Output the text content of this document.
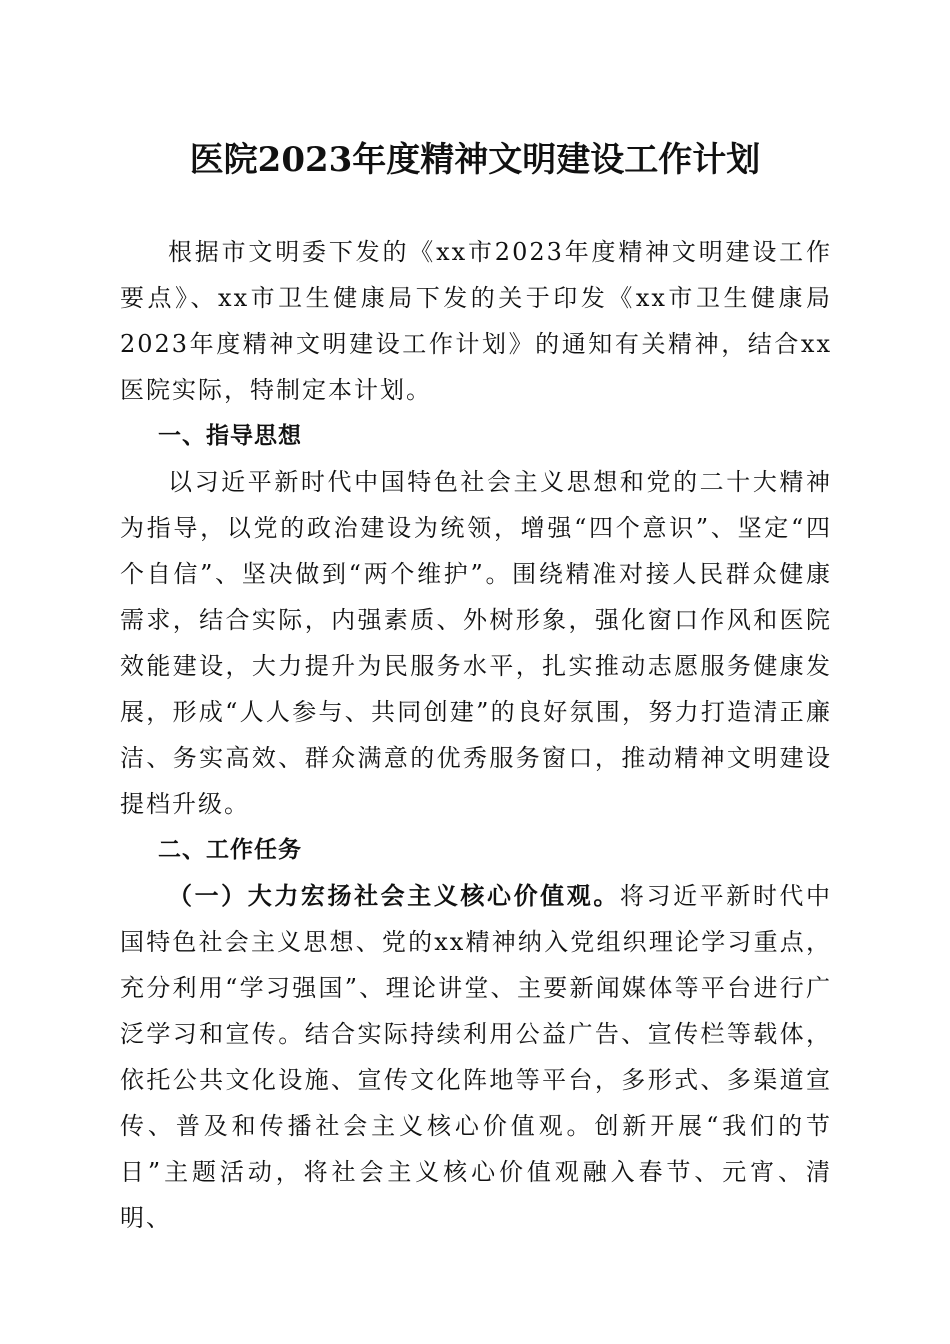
医院2023年度精神文明建设工作计划

根据市文明委下发的《xx市2023年度精神文明建设工作要点》、xx市卫生健康局下发的关于印发《xx市卫生健康局2023年度精神文明建设工作计划》的通知有关精神，结合xx医院实际，特制定本计划。

一、指导思想

以习近平新时代中国特色社会主义思想和党的二十大精神为指导，以党的政治建设为统领，增强“四个意识”、坚定“四个自信”、坚决做到“两个维护”。围绕精准对接人民群众健康需求，结合实际，内强素质、外树形象，强化窗口作风和医院效能建设，大力提升为民服务水平，扎实推动志愿服务健康发展，形成“人人参与、共同创建”的良好氛围，努力打造清正廉洁、务实高效、群众满意的优秀服务窗口，推动精神文明建设提档升级。

二、工作任务

（一）大力宏扬社会主义核心价值观。将习近平新时代中国特色社会主义思想、党的xx精神纳入党组织理论学习重点，充分利用“学习强国”、理论讲堂、主要新闻媒体等平台进行广泛学习和宣传。结合实际持续利用公益广告、宣传栏等载体，依托公共文化设施、宣传文化阵地等平台，多形式、多渠道宣传、普及和传播社会主义核心价值观。创新开展“我们的节日”主题活动，将社会主义核心价值观融入春节、元宵、清明、
